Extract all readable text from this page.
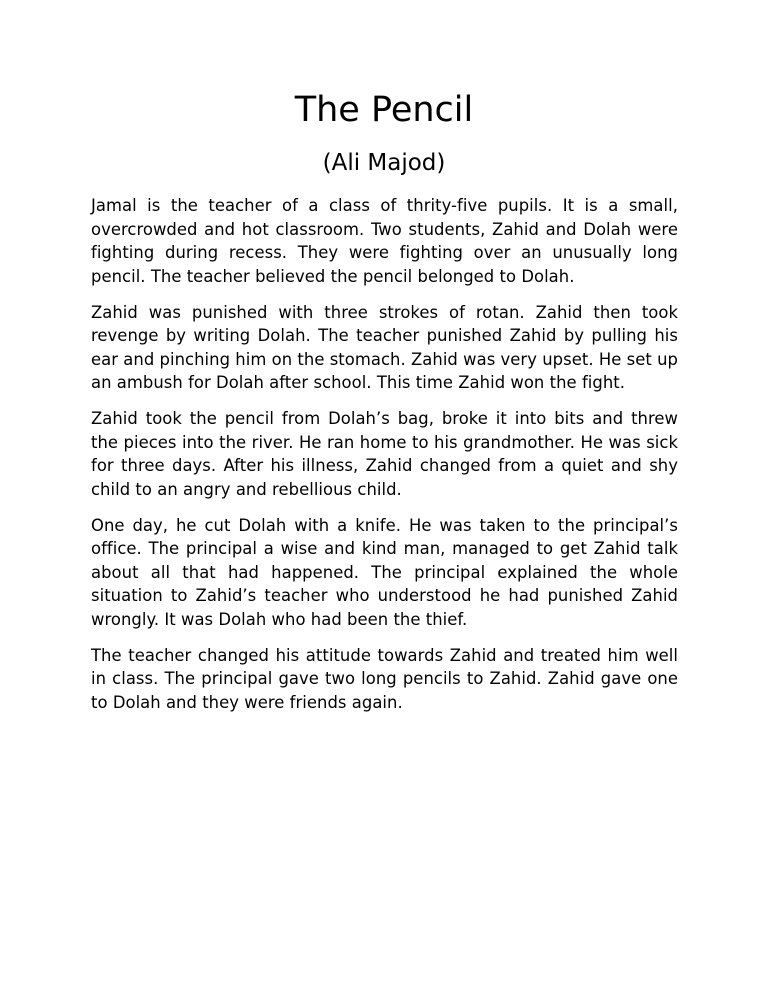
The Pencil
(Ali Majod)

Jamal is the teacher of a class of thrity-five pupils. It is a small, overcrowded and hot classroom. Two students, Zahid and Dolah were fighting during recess. They were fighting over an unusually long pencil. The teacher believed the pencil belonged to Dolah.

Zahid was punished with three strokes of rotan. Zahid then took revenge by writing Dolah. The teacher punished Zahid by pulling his ear and pinching him on the stomach. Zahid was very upset. He set up an ambush for Dolah after school. This time Zahid won the fight.

Zahid took the pencil from Dolah’s bag, broke it into bits and threw the pieces into the river. He ran home to his grandmother. He was sick for three days. After his illness, Zahid changed from a quiet and shy child to an angry and rebellious child.

One day, he cut Dolah with a knife. He was taken to the principal’s office. The principal a wise and kind man, managed to get Zahid talk about all that had happened. The principal explained the whole situation to Zahid’s teacher who understood he had punished Zahid wrongly. It was Dolah who had been the thief.

The teacher changed his attitude towards Zahid and treated him well in class. The principal gave two long pencils to Zahid. Zahid gave one to Dolah and they were friends again.
